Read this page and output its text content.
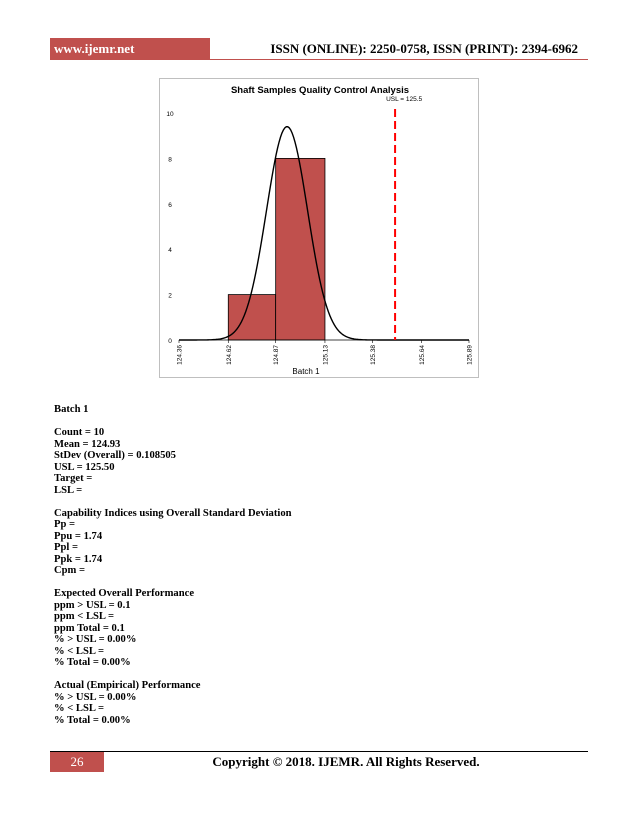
www.ijemr.net	ISSN (ONLINE): 2250-0758, ISSN (PRINT): 2394-6962
Shaft Samples Quality Control Analysis
0
2
4
6
8
10
USL = 125.5
124.36	124.62	124.87	125.13	125.38	125.64	125.89
Batch 1
Batch 1
Count = 10
Mean = 124.93
StDev (Overall) = 0.108505
USL = 125.50
Target =
LSL =
Capability Indices using Overall Standard Deviation
Pp =
Ppu = 1.74
Ppl =
Ppk = 1.74
Cpm =
Expected Overall Performance
ppm > USL = 0.1
ppm < LSL =
ppm Total = 0.1
% > USL = 0.00%
% < LSL =
% Total = 0.00%
Actual (Empirical) Performance
% > USL = 0.00%
% < LSL =
% Total = 0.00%
26	Copyright © 2018. IJEMR. All Rights Reserved.
